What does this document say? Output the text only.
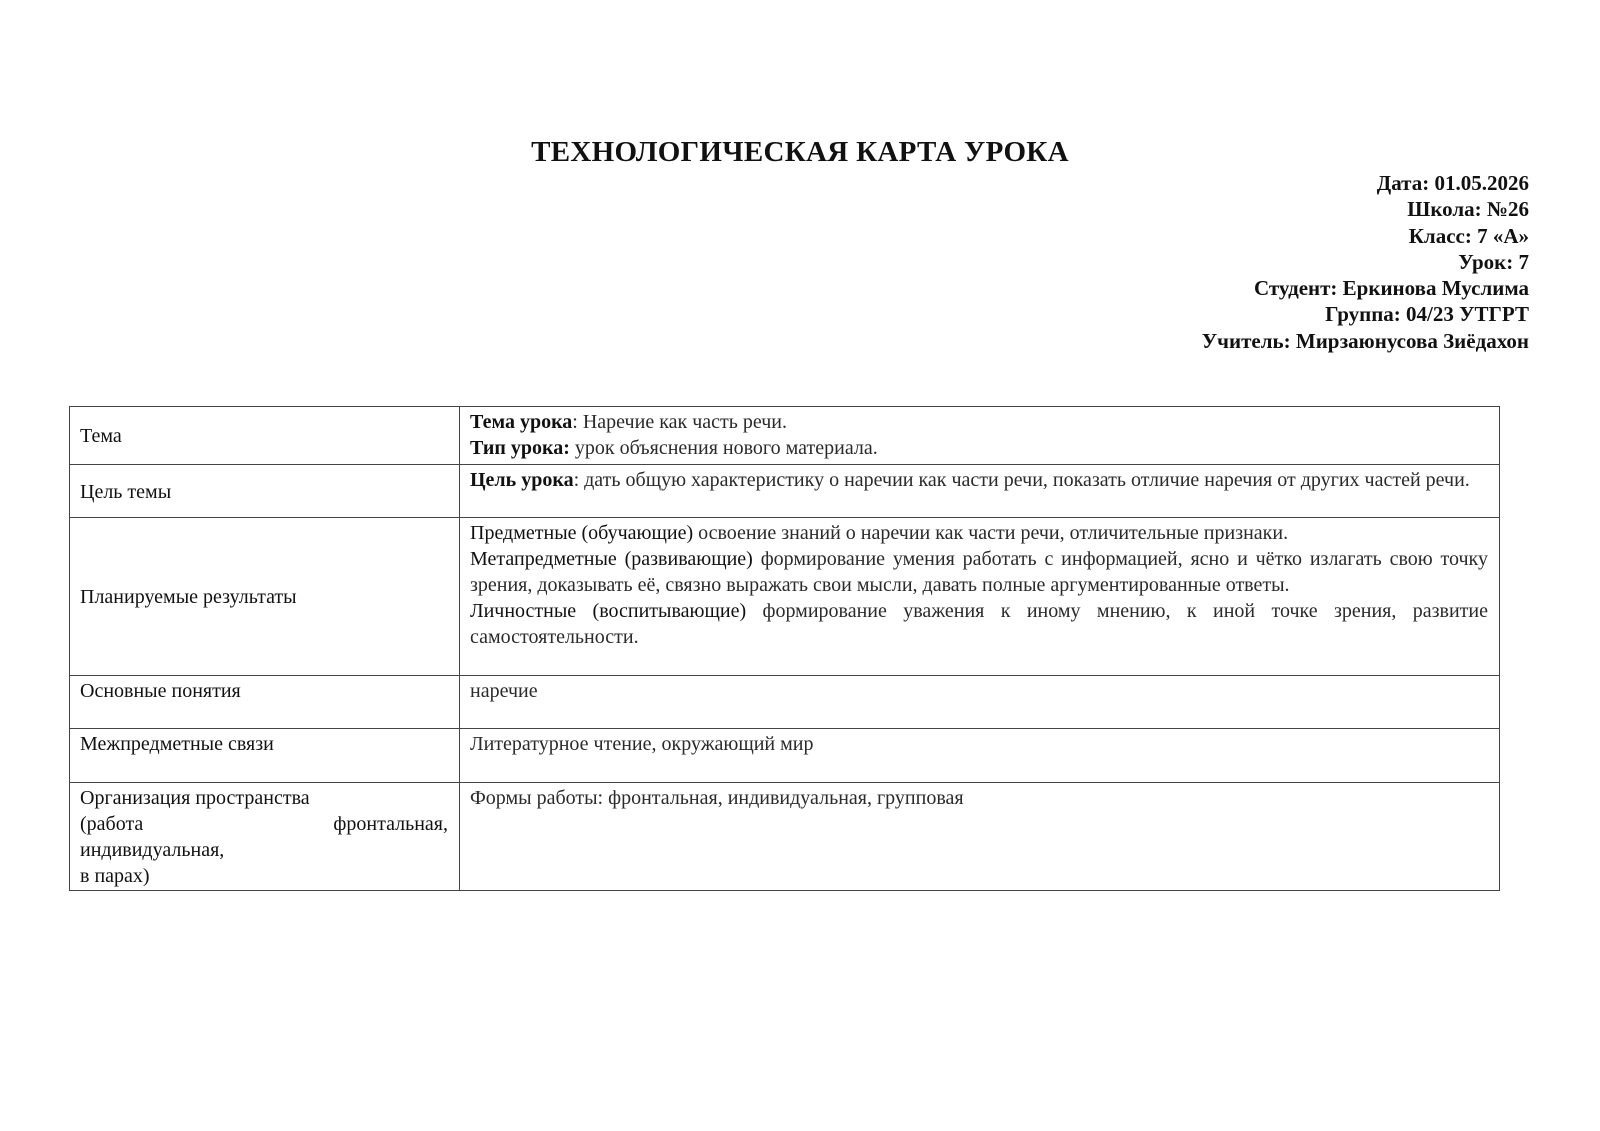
ТЕХНОЛОГИЧЕСКАЯ КАРТА УРОКА
Дата: 01.05.2026
Школа: №26
Класс: 7 «А»
Урок: 7
Студент: Еркинова Муслима
Группа: 04/23 УТГРТ
Учитель: Мирзаюнусова Зиёдахон
Тема	Тема урока: Наречие как часть речи.
Тип урока: урок объяснения нового материала.

Цель темы	Цель урока: дать общую характеристику о наречии как части речи, показать отличие наречия от других частей речи.
Планируемые результаты	Предметные (обучающие) освоение знаний о наречии как части речи, отличительные признаки.
Метапредметные (развивающие) формирование умения работать с информацией, ясно и чётко излагать свою точку зрения, доказывать её, связно выражать свои мысли, давать полные аргументированные ответы.
Личностные (воспитывающие) формирование уважения к иному мнению, к иной точке зрения, развитие самостоятельности.

Основные понятия	наречие
Межпредметные связи	Литературное чтение, окружающий мир

Организация пространства
(работа фронтальная,
индивидуальная,
в парах)	Формы работы: фронтальная, индивидуальная, групповая
